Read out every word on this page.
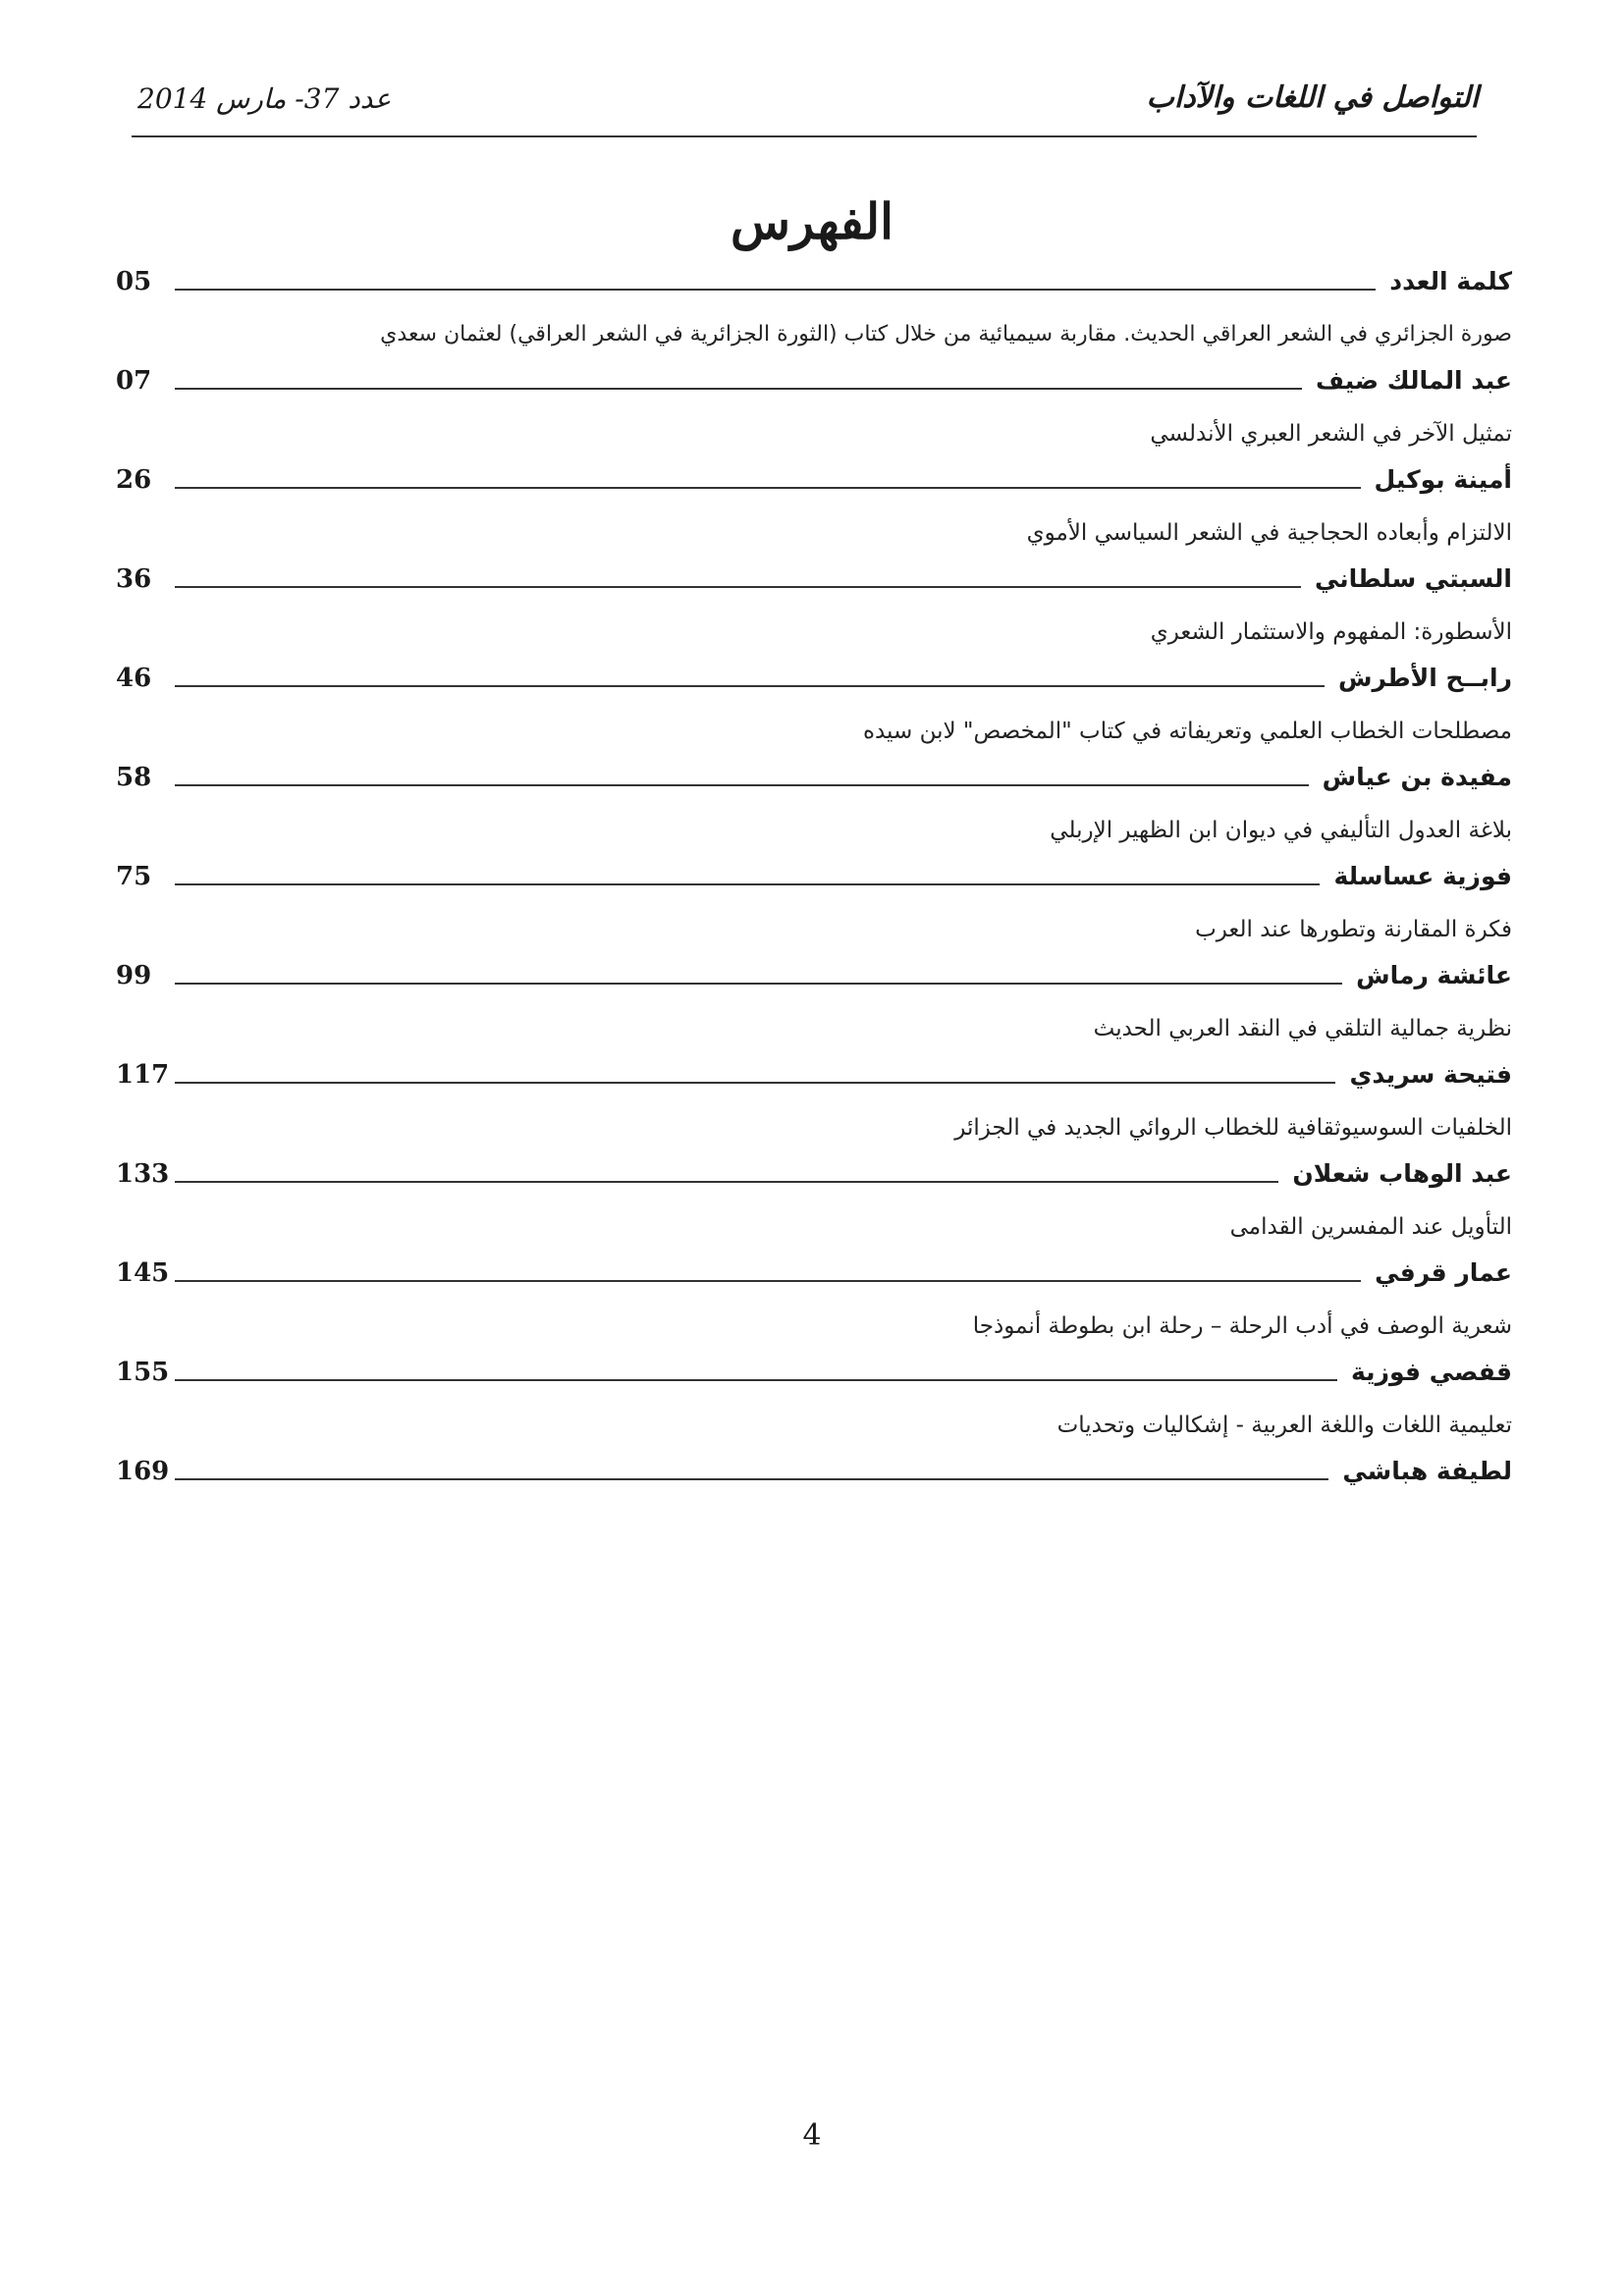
التواصل في اللغات والآداب
عدد 37- مارس 2014
الفهرس
كلمة العدد
05
صورة الجزائري في الشعر العراقي الحديث. مقاربة سيميائية من خلال كتاب (الثورة الجزائرية في الشعر العراقي) لعثمان سعدي
عبد المالك ضيف
07
تمثيل الآخر في الشعر العبري الأندلسي
أمينة بوكيل
26
الالتزام وأبعاده الحجاجية في الشعر السياسي الأموي
السبتي سلطاني
36
الأسطورة: المفهوم والاستثمار الشعري
رابــح الأطرش
46
مصطلحات الخطاب العلمي وتعريفاته في كتاب "المخصص" لابن سيده
مفيدة بن عياش
58
بلاغة العدول التأليفي في ديوان ابن الظهير الإربلي
فوزية عساسلة
75
فكرة المقارنة وتطورها عند العرب
عائشة رماش
99
نظرية جمالية التلقي في النقد العربي الحديث
فتيحة سريدي
117
الخلفيات السوسيوثقافية للخطاب الروائي الجديد في الجزائر
عبد الوهاب شعلان
133
التأويل عند المفسرين القدامى
عمار قرفي
145
شعرية الوصف في أدب الرحلة – رحلة ابن بطوطة أنموذجا
قفصي فوزية
155
تعليمية اللغات واللغة العربية - إشكاليات وتحديات
لطيفة هباشي
169
4
